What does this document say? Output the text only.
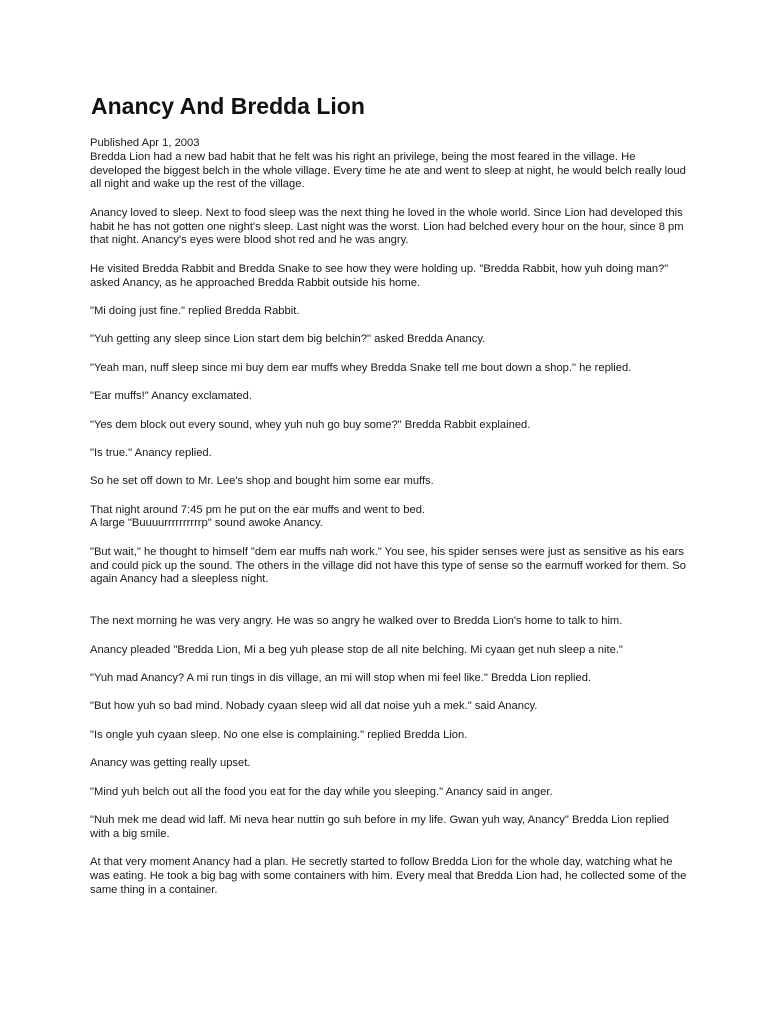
Anancy And Bredda Lion

Published Apr 1, 2003

Bredda Lion had a new bad habit that he felt was his right an privilege, being the most feared in the village. He developed the biggest belch in the whole village. Every time he ate and went to sleep at night, he would belch really loud all night and wake up the rest of the village.

Anancy loved to sleep. Next to food sleep was the next thing he loved in the whole world. Since Lion had developed this habit he has not gotten one night's sleep. Last night was the worst. Lion had belched every hour on the hour, since 8 pm that night. Anancy's eyes were blood shot red and he was angry.

He visited Bredda Rabbit and Bredda Snake to see how they were holding up. "Bredda Rabbit, how yuh doing man?" asked Anancy, as he approached Bredda Rabbit outside his home.

"Mi doing just fine." replied Bredda Rabbit.

"Yuh getting any sleep since Lion start dem big belchin?" asked Bredda Anancy.

"Yeah man, nuff sleep since mi buy dem ear muffs whey Bredda Snake tell me bout down a shop." he replied.

"Ear muffs!" Anancy exclamated.

"Yes dem block out every sound, whey yuh nuh go buy some?" Bredda Rabbit explained.

"Is true." Anancy replied.

So he set off down to Mr. Lee's shop and bought him some ear muffs.

That night around 7:45 pm he put on the ear muffs and went to bed.

A large "Buuuurrrrrrrrrrp" sound awoke Anancy.

"But wait," he thought to himself "dem ear muffs nah work." You see, his spider senses were just as sensitive as his ears and could pick up the sound. The others in the village did not have this type of sense so the earmuff worked for them. So again Anancy had a sleepless night.

The next morning he was very angry. He was so angry he walked over to Bredda Lion's home to talk to him.

Anancy pleaded "Bredda Lion, Mi a beg yuh please stop de all nite belching. Mi cyaan get nuh sleep a nite."

"Yuh mad Anancy? A mi run tings in dis village, an mi will stop when mi feel like." Bredda Lion replied.

"But how yuh so bad mind. Nobady cyaan sleep wid all dat noise yuh a mek." said Anancy.

"Is ongle yuh cyaan sleep. No one else is complaining." replied Bredda Lion.

Anancy was getting really upset.

"Mind yuh belch out all the food you eat for the day while you sleeping." Anancy said in anger.

"Nuh mek me dead wid laff. Mi neva hear nuttin go suh before in my life. Gwan yuh way, Anancy" Bredda Lion replied with a big smile.

At that very moment Anancy had a plan. He secretly started to follow Bredda Lion for the whole day, watching what he was eating. He took a big bag with some containers with him. Every meal that Bredda Lion had, he collected some of the same thing in a container.
